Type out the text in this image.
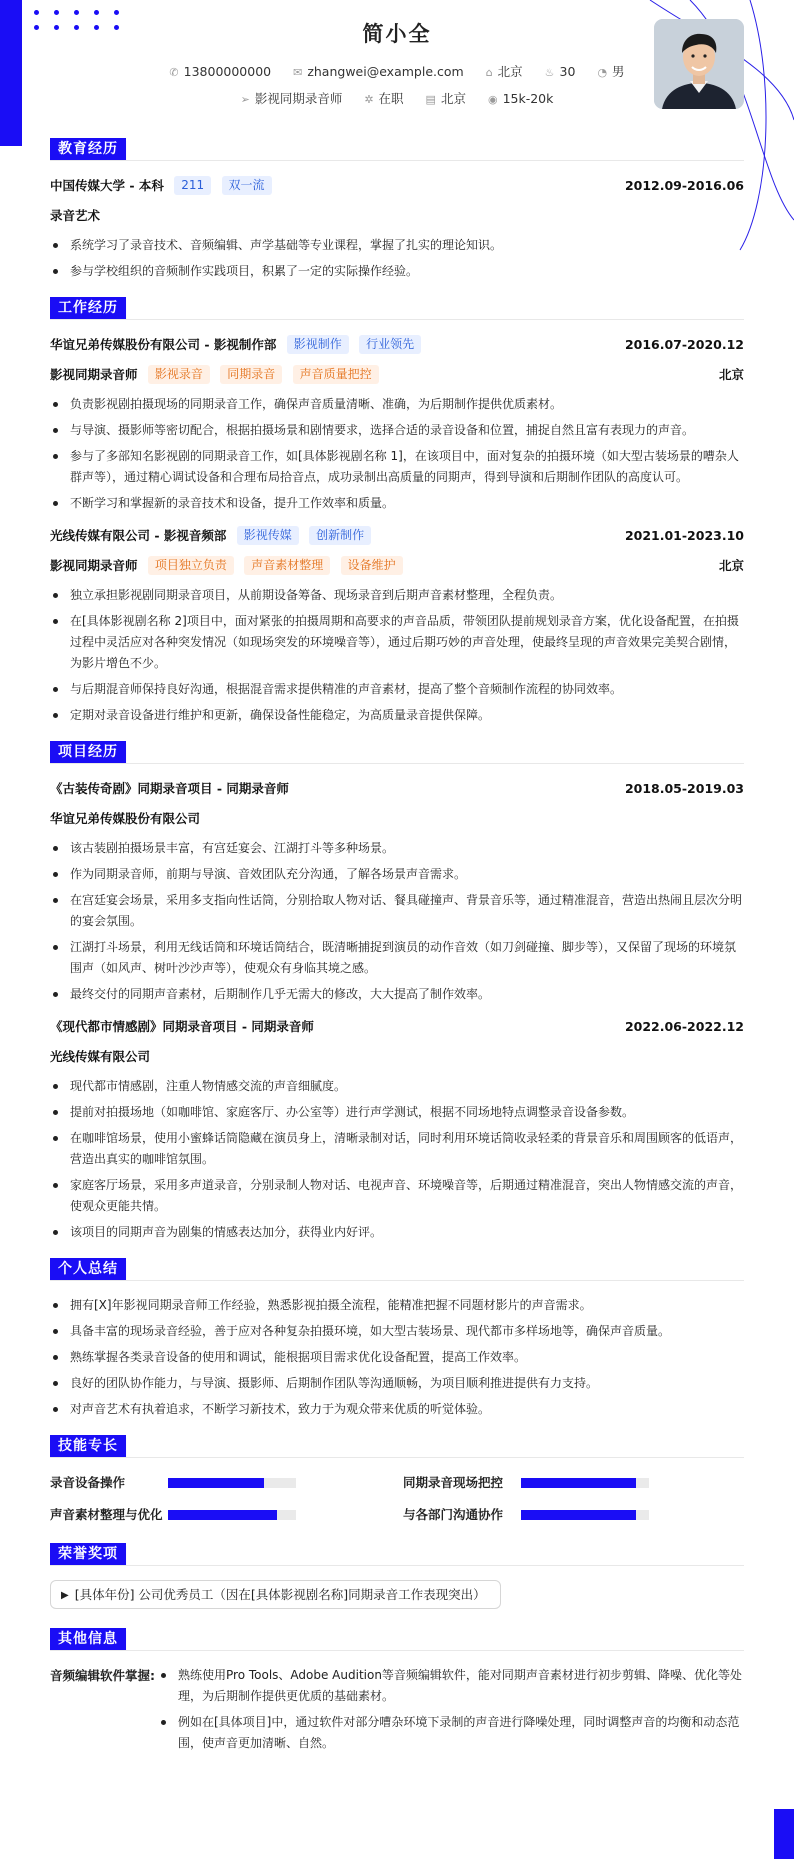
简小全
✆ 13800000000 ✉ zhangwei@example.com ⌂ 北京 ♨ 30 ◔ 男
➢ 影视同期录音师 ✲ 在职 ▤ 北京 ◉ 15k-20k
教育经历
中国传媒大学 - 本科 211 双一流	2012.09-2016.06
录音艺术
系统学习了录音技术、音频编辑、声学基础等专业课程，掌握了扎实的理论知识。
参与学校组织的音频制作实践项目，积累了一定的实际操作经验。
工作经历
华谊兄弟传媒股份有限公司 - 影视制作部 影视制作 行业领先	2016.07-2020.12
影视同期录音师 影视录音 同期录音 声音质量把控	北京
负责影视剧拍摄现场的同期录音工作，确保声音质量清晰、准确，为后期制作提供优质素材。
与导演、摄影师等密切配合，根据拍摄场景和剧情要求，选择合适的录音设备和位置，捕捉自然且富有表现力的声音。
参与了多部知名影视剧的同期录音工作，如[具体影视剧名称 1]，在该项目中，面对复杂的拍摄环境（如大型古装场景的嘈杂人群声等），通过精心调试设备和合理布局拾音点，成功录制出高质量的同期声，得到导演和后期制作团队的高度认可。
不断学习和掌握新的录音技术和设备，提升工作效率和质量。
光线传媒有限公司 - 影视音频部 影视传媒 创新制作	2021.01-2023.10
影视同期录音师 项目独立负责 声音素材整理 设备维护	北京
独立承担影视剧同期录音项目，从前期设备筹备、现场录音到后期声音素材整理，全程负责。
在[具体影视剧名称 2]项目中，面对紧张的拍摄周期和高要求的声音品质，带领团队提前规划录音方案，优化设备配置，在拍摄过程中灵活应对各种突发情况（如现场突发的环境噪音等），通过后期巧妙的声音处理，使最终呈现的声音效果完美契合剧情，为影片增色不少。
与后期混音师保持良好沟通，根据混音需求提供精准的声音素材，提高了整个音频制作流程的协同效率。
定期对录音设备进行维护和更新，确保设备性能稳定，为高质量录音提供保障。
项目经历
《古装传奇剧》同期录音项目 - 同期录音师	2018.05-2019.03
华谊兄弟传媒股份有限公司
该古装剧拍摄场景丰富，有宫廷宴会、江湖打斗等多种场景。
作为同期录音师，前期与导演、音效团队充分沟通，了解各场景声音需求。
在宫廷宴会场景，采用多支指向性话筒，分别拾取人物对话、餐具碰撞声、背景音乐等，通过精准混音，营造出热闹且层次分明的宴会氛围。
江湖打斗场景，利用无线话筒和环境话筒结合，既清晰捕捉到演员的动作音效（如刀剑碰撞、脚步等），又保留了现场的环境氛围声（如风声、树叶沙沙声等），使观众有身临其境之感。
最终交付的同期声音素材，后期制作几乎无需大的修改，大大提高了制作效率。
《现代都市情感剧》同期录音项目 - 同期录音师	2022.06-2022.12
光线传媒有限公司
现代都市情感剧，注重人物情感交流的声音细腻度。
提前对拍摄场地（如咖啡馆、家庭客厅、办公室等）进行声学测试，根据不同场地特点调整录音设备参数。
在咖啡馆场景，使用小蜜蜂话筒隐藏在演员身上，清晰录制对话，同时利用环境话筒收录轻柔的背景音乐和周围顾客的低语声，营造出真实的咖啡馆氛围。
家庭客厅场景，采用多声道录音，分别录制人物对话、电视声音、环境噪音等，后期通过精准混音，突出人物情感交流的声音，使观众更能共情。
该项目的同期声音为剧集的情感表达加分，获得业内好评。
个人总结
拥有[X]年影视同期录音师工作经验，熟悉影视拍摄全流程，能精准把握不同题材影片的声音需求。
具备丰富的现场录音经验，善于应对各种复杂拍摄环境，如大型古装场景、现代都市多样场地等，确保声音质量。
熟练掌握各类录音设备的使用和调试，能根据项目需求优化设备配置，提高工作效率。
良好的团队协作能力，与导演、摄影师、后期制作团队等沟通顺畅，为项目顺利推进提供有力支持。
对声音艺术有执着追求，不断学习新技术，致力于为观众带来优质的听觉体验。
技能专长
录音设备操作	同期录音现场把控
声音素材整理与优化	与各部门沟通协作
荣誉奖项
▶ [具体年份] 公司优秀员工（因在[具体影视剧名称]同期录音工作表现突出）
其他信息
音频编辑软件掌握:	熟练使用Pro Tools、Adobe Audition等音频编辑软件，能对同期声音素材进行初步剪辑、降噪、优化等处理，为后期制作提供更优质的基础素材。
例如在[具体项目]中，通过软件对部分嘈杂环境下录制的声音进行降噪处理，同时调整声音的均衡和动态范围，使声音更加清晰、自然。
